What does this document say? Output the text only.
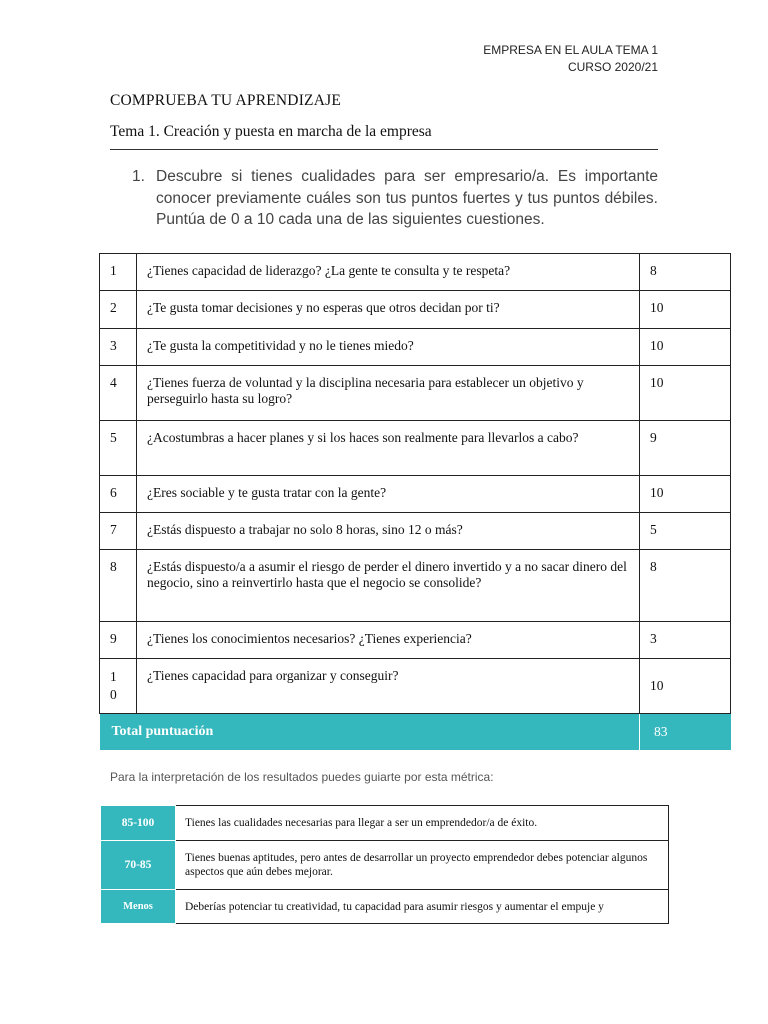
EMPRESA EN EL AULA TEMA 1
CURSO 2020/21
COMPRUEBA TU APRENDIZAJE
Tema 1. Creación y puesta en marcha de la empresa
1. Descubre si tienes cualidades para ser empresario/a. Es importante conocer previamente cuáles son tus puntos fuertes y tus puntos débiles. Puntúa de 0 a 10 cada una de las siguientes cuestiones.
1	¿Tienes capacidad de liderazgo? ¿La gente te consulta y te respeta?	8
2	¿Te gusta tomar decisiones y no esperas que otros decidan por ti?	10
3	¿Te gusta la competitividad y no le tienes miedo?	10
4	¿Tienes fuerza de voluntad y la disciplina necesaria para establecer un objetivo y perseguirlo hasta su logro?	10
5	¿Acostumbras a hacer planes y si los haces son realmente para llevarlos a cabo?	9
6	¿Eres sociable y te gusta tratar con la gente?	10
7	¿Estás dispuesto a trabajar no solo 8 horas, sino 12 o más?	5
8	¿Estás dispuesto/a a asumir el riesgo de perder el dinero invertido y a no sacar dinero del negocio, sino a reinvertirlo hasta que el negocio se consolide?	8
9	¿Tienes los conocimientos necesarios? ¿Tienes experiencia?	3
1 0	¿Tienes capacidad para organizar y conseguir?	10
Total puntuación		83
Para la interpretación de los resultados puedes guiarte por esta métrica:
85-100	Tienes las cualidades necesarias para llegar a ser un emprendedor/a de éxito.
70-85	Tienes buenas aptitudes, pero antes de desarrollar un proyecto emprendedor debes potenciar algunos aspectos que aún debes mejorar.
Menos	Deberías potenciar tu creatividad, tu capacidad para asumir riesgos y aumentar el empuje y
